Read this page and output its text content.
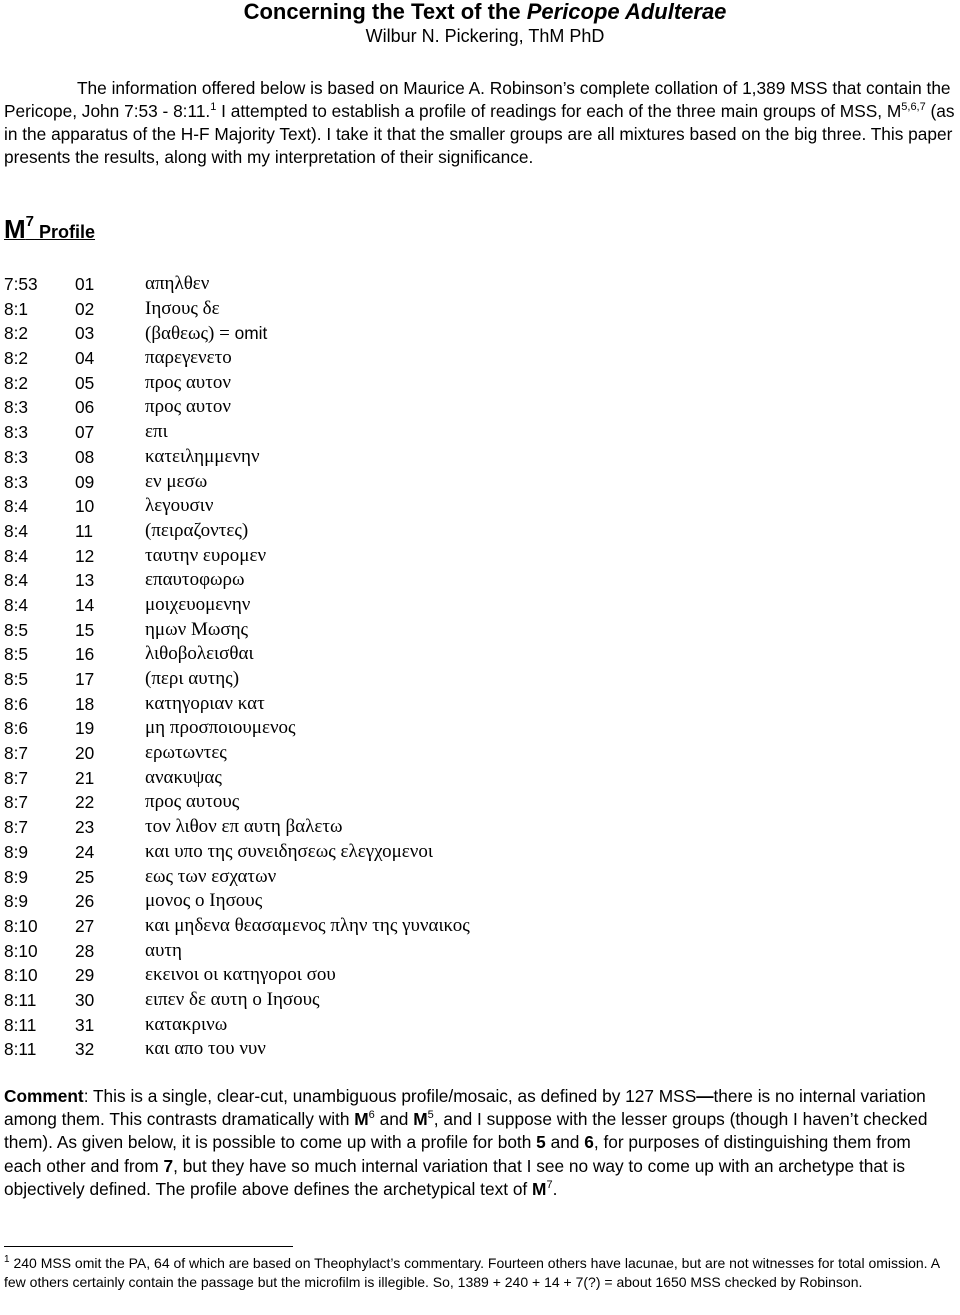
Concerning the Text of the Pericope Adulterae
Wilbur N. Pickering, ThM PhD
The information offered below is based on Maurice A. Robinson’s complete collation of 1,389 MSS that contain the Pericope, John 7:53 - 8:11.$^1$ I attempted to establish a profile of readings for each of the three main groups of MSS, M$^{5,6,7}$ (as in the apparatus of the H-F Majority Text). I take it that the smaller groups are all mixtures based on the big three. This paper presents the results, along with my interpretation of their significance.
$M^7$ Profile
7:53 01	απηλθεν
8:1	02	Ιησους δε
8:2	03	(βαθεως) = omit
8:2	04	παρεγενετο
8:2	05	προς αυτον
8:3	06	προς αυτον
8:3	07	επι
8:3	08	κατειλημμενην
8:3	09	εν μεσω
8:4	10	λεγουσιν
8:4	11	(πειραζοντες)
8:4	12	ταυτην ευρομεν
8:4	13	επαυτοφωρω
8:4	14	μοιχευομενην
8:5	15	ημων Μωσης
8:5	16	λιθοβολεισθαι
8:5	17	(περι αυτης)
8:6	18	κατηγοριαν κατ
8:6	19	μη προσποιουμενος
8:7	20	ερωτωντες
8:7	21	ανακυψας
8:7	22	προς αυτους
8:7	23	τον λιθον επ αυτη βαλετω
8:9	24	και υπο της συνειδησεως ελεγχομενοι
8:9	25	εως των εσχατων
8:9	26	μονος ο Ιησους
8:10 27	και μηδενα θεασαμενος πλην της γυναικος
8:10 28	αυτη
8:10 29	εκεινοι οι κατηγοροι σου
8:11 30	ειπεν δε αυτη ο Ιησους
8:11 31	κατακρινω
8:11 32	και απο του νυν
Comment: This is a single, clear-cut, unambiguous profile/mosaic, as defined by 127 MSS—there is no internal variation among them. This contrasts dramatically with $M^6$ and $M^5$, and I suppose with the lesser groups (though I haven’t checked them). As given below, it is possible to come up with a profile for both 5 and 6, for purposes of distinguishing them from each other and from 7, but they have so much internal variation that I see no way to come up with an archetype that is objectively defined. The profile above defines the archetypical text of $M^7$.
$^1$ 240 MSS omit the PA, 64 of which are based on Theophylact’s commentary. Fourteen others have lacunae, but are not witnesses for total omission. A few others certainly contain the passage but the microfilm is illegible. So, 1389 + 240 + 14 + 7(?) = about 1650 MSS checked by Robinson.
